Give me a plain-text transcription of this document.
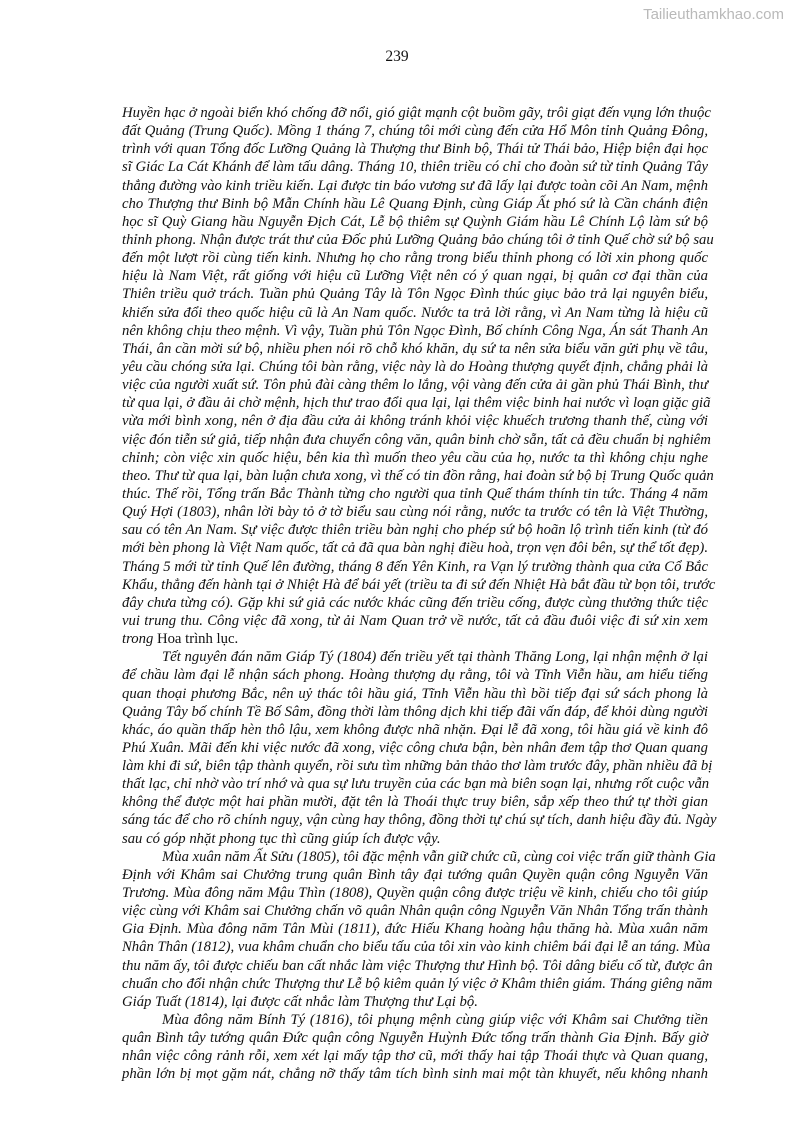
Tailieuthamkhao.com
239
Huyền hạc ở ngoài biển khó chống đỡ nổi, gió giật mạnh cột buồm gãy, trôi giạt đến vụng lớn thuộc
đất Quảng (Trung Quốc). Mồng 1 tháng 7, chúng tôi mới cùng đến cửa Hổ Môn tỉnh Quảng Đông,
trình với quan Tổng đốc Lưỡng Quảng là Thượng thư Binh bộ, Thái tử Thái bảo, Hiệp biện đại học
sĩ Giác La Cát Khánh để làm tấu dâng. Tháng 10, thiên triều có chỉ cho đoàn sứ từ tỉnh Quảng Tây
thẳng đường vào kinh triều kiến. Lại được tin báo vương sư đã lấy lại được toàn cõi An Nam, mệnh
cho Thượng thư Binh bộ Mẫn Chính hầu Lê Quang Định, cùng Giáp Ất phó sứ là Cần chánh điện
học sĩ Quỳ Giang hầu Nguyễn Địch Cát, Lễ bộ thiêm sự Quỳnh Giám hầu Lê Chính Lộ làm sứ bộ
thỉnh phong. Nhận được trát thư của Đốc phủ Lưỡng Quảng bảo chúng tôi ở tỉnh Quế chờ sứ bộ sau
đến một lượt rồi cùng tiến kinh. Nhưng họ cho rằng trong biểu thỉnh phong có lời xin phong quốc
hiệu là Nam Việt, rất giống với hiệu cũ Lưỡng Việt nên có ý quan ngại, bị quân cơ đại thần của
Thiên triều quở trách. Tuần phủ Quảng Tây là Tôn Ngọc Đình thúc giục bảo trả lại nguyên biểu,
khiến sửa đổi theo quốc hiệu cũ là An Nam quốc. Nước ta trả lời rằng, vì An Nam từng là hiệu cũ
nên không chịu theo mệnh. Vì vậy, Tuần phủ Tôn Ngọc Đình, Bố chính Công Nga, Án sát Thanh An
Thái, ân cần mời sứ bộ, nhiều phen nói rõ chỗ khó khăn, dụ sứ ta nên sửa biểu văn gửi phụ về tâu,
yêu cầu chóng sửa lại. Chúng tôi bàn rằng, việc này là do Hoàng thượng quyết định, chẳng phải là
việc của người xuất sứ. Tôn phủ đài càng thêm lo lắng, vội vàng đến cửa ải gần phủ Thái Bình, thư
từ qua lại, ở đầu ải chờ mệnh, hịch thư trao đổi qua lại, lại thêm việc binh hai nước vì loạn giặc giã
vừa mới bình xong, nên ở địa đầu cửa ải không tránh khỏi việc khuếch trương thanh thế, cùng với
việc đón tiễn sứ giả, tiếp nhận đưa chuyển công văn, quân binh chờ sẵn, tất cả đều chuẩn bị nghiêm
chỉnh; còn việc xin quốc hiệu, bên kia thì muốn theo yêu cầu của họ, nước ta thì không chịu nghe
theo. Thư từ qua lại, bàn luận chưa xong, vì thế có tin đồn rằng, hai đoàn sứ bộ bị Trung Quốc quản
thúc. Thế rồi, Tổng trấn Bắc Thành từng cho người qua tỉnh Quế thám thính tin tức. Tháng 4 năm
Quý Hợi (1803), nhân lời bày tỏ ở tờ biểu sau cùng nói rằng, nước ta trước có tên là Việt Thường,
sau có tên An Nam. Sự việc được thiên triều bàn nghị cho phép sứ bộ hoãn lộ trình tiến kinh (từ đó
mới bèn phong là Việt Nam quốc, tất cả đã qua bàn nghị điều hoà, trọn vẹn đôi bên, sự thể tốt đẹp).
Tháng 5 mới từ tỉnh Quế lên đường, tháng 8 đến Yên Kinh, ra Vạn lý trường thành qua cửa Cổ Bắc
Khẩu, thẳng đến hành tại ở Nhiệt Hà để bái yết (triều ta đi sứ đến Nhiệt Hà bắt đầu từ bọn tôi, trước
đây chưa từng có). Gặp khi sứ giả các nước khác cũng đến triều cống, được cùng thưởng thức tiệc
vui trung thu. Công việc đã xong, từ ải Nam Quan trở về nước, tất cả đầu đuôi việc đi sứ xin xem
trong Hoa trình lục.
Tết nguyên đán năm Giáp Tý (1804) đến triều yết tại thành Thăng Long, lại nhận mệnh ở lại
để chầu làm đại lễ nhận sách phong. Hoàng thượng dụ rằng, tôi và Tĩnh Viễn hầu, am hiểu tiếng
quan thoại phương Bắc, nên uỷ thác tôi hầu giá, Tĩnh Viễn hầu thì bồi tiếp đại sứ sách phong là
Quảng Tây bố chính Tề Bố Sâm, đồng thời làm thông dịch khi tiếp đãi vấn đáp, để khỏi dùng người
khác, áo quần thấp hèn thô lậu, xem không được nhã nhặn. Đại lễ đã xong, tôi hầu giá về kinh đô
Phú Xuân. Mãi đến khi việc nước đã xong, việc công chưa bận, bèn nhân đem tập thơ Quan quang
làm khi đi sứ, biên tập thành quyển, rồi sưu tìm những bản thảo thơ làm trước đây, phần nhiều đã bị
thất lạc, chỉ nhờ vào trí nhớ và qua sự lưu truyền của các bạn mà biên soạn lại, nhưng rốt cuộc vẫn
không thể được một hai phần mười, đặt tên là Thoái thực truy biên, sắp xếp theo thứ tự thời gian
sáng tác để cho rõ chính nguỵ, vận cùng hay thông, đồng thời tự chú sự tích, danh hiệu đầy đủ. Ngày
sau có góp nhặt phong tục thì cũng giúp ích được vậy.
Mùa xuân năm Ất Sửu (1805), tôi đặc mệnh vẫn giữ chức cũ, cùng coi việc trấn giữ thành Gia
Định với Khâm sai Chưởng trung quân Bình tây đại tướng quân Quyền quận công Nguyễn Văn
Trương. Mùa đông năm Mậu Thìn (1808), Quyền quận công được triệu về kinh, chiếu cho tôi giúp
việc cùng với Khâm sai Chưởng chấn võ quân Nhân quận công Nguyễn Văn Nhân Tổng trấn thành
Gia Định. Mùa đông năm Tân Mùi (1811), đức Hiếu Khang hoàng hậu thăng hà. Mùa xuân năm
Nhân Thân (1812), vua khâm chuẩn cho biểu tấu của tôi xin vào kinh chiêm bái đại lễ an táng. Mùa
thu năm ấy, tôi được chiếu ban cất nhắc làm việc Thượng thư Hình bộ. Tôi dâng biểu cố từ, được ân
chuẩn cho đổi nhận chức Thượng thư Lễ bộ kiêm quản lý việc ở Khâm thiên giám. Tháng giêng năm
Giáp Tuất (1814), lại được cất nhắc làm Thượng thư Lại bộ.
Mùa đông năm Bính Tý (1816), tôi phụng mệnh cùng giúp việc với Khâm sai Chưởng tiền
quân Bình tây tướng quân Đức quận công Nguyễn Huỳnh Đức tổng trấn thành Gia Định. Bấy giờ
nhân việc công rảnh rỗi, xem xét lại mấy tập thơ cũ, mới thấy hai tập Thoái thực và Quan quang,
phần lớn bị mọt gặm nát, chẳng nỡ thấy tâm tích bình sinh mai một tàn khuyết, nếu không nhanh
